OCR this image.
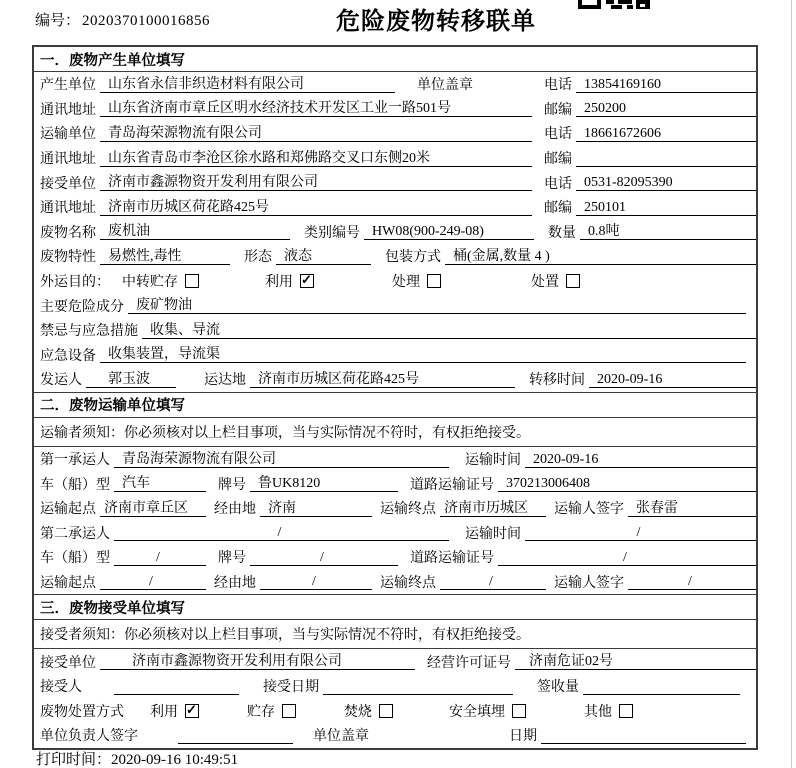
编号： 2020370100016856	危险废物转移联单
一．废物产生单位填写
产生单位 山东省永信非织造材料有限公司	单位盖章	电话 13854169160
通讯地址 山东省济南市章丘区明水经济技术开发区工业一路501号	邮编 250200
运输单位 青岛海荣源物流有限公司	电话 18661672606
通讯地址 山东省青岛市李沧区徐水路和郑佛路交叉口东侧20米	邮编
接受单位 济南市鑫源物资开发利用有限公司	电话 0531-82095390
通讯地址 济南市历城区荷花路425号	邮编 250101
废物名称 废机油	类别编号 HW08(900-249-08)	数量 0.8吨
废物特性 易燃性,毒性	形态 液态	包装方式 桶(金属,数量 4 )
外运目的： 中转贮存	利用 ✓	处理	处置
主要危险成分 废矿物油
禁忌与应急措施 收集、导流
应急设备 收集装置，导流渠
发运人	郭玉波	运达地 济南市历城区荷花路425号	转移时间 2020-09-16
二．废物运输单位填写
运输者须知：你必须核对以上栏目事项，当与实际情况不符时，有权拒绝接受。
第一承运人 青岛海荣源物流有限公司	运输时间 2020-09-16
车（船）型 汽车	牌号 鲁UK8120	道路运输证号 370213006408
运输起点 济南市章丘区	经由地 济南	运输终点 济南市历城区	运输人签字 张春雷
第二承运人	/	运输时间	/
车（船）型	/	牌号	/	道路运输证号	/
运输起点	/	经由地	/	运输终点	/	运输人签字	/
三．废物接受单位填写
接受者须知：你必须核对以上栏目事项，当与实际情况不符时，有权拒绝接受。
接受单位	济南市鑫源物资开发利用有限公司	经营许可证号	济南危证02号
接受人	接受日期	签收量
废物处置方式 利用 ✓	贮存	焚烧	安全填埋	其他
单位负责人签字	单位盖章	日期
打印时间：2020-09-16 10:49:51
